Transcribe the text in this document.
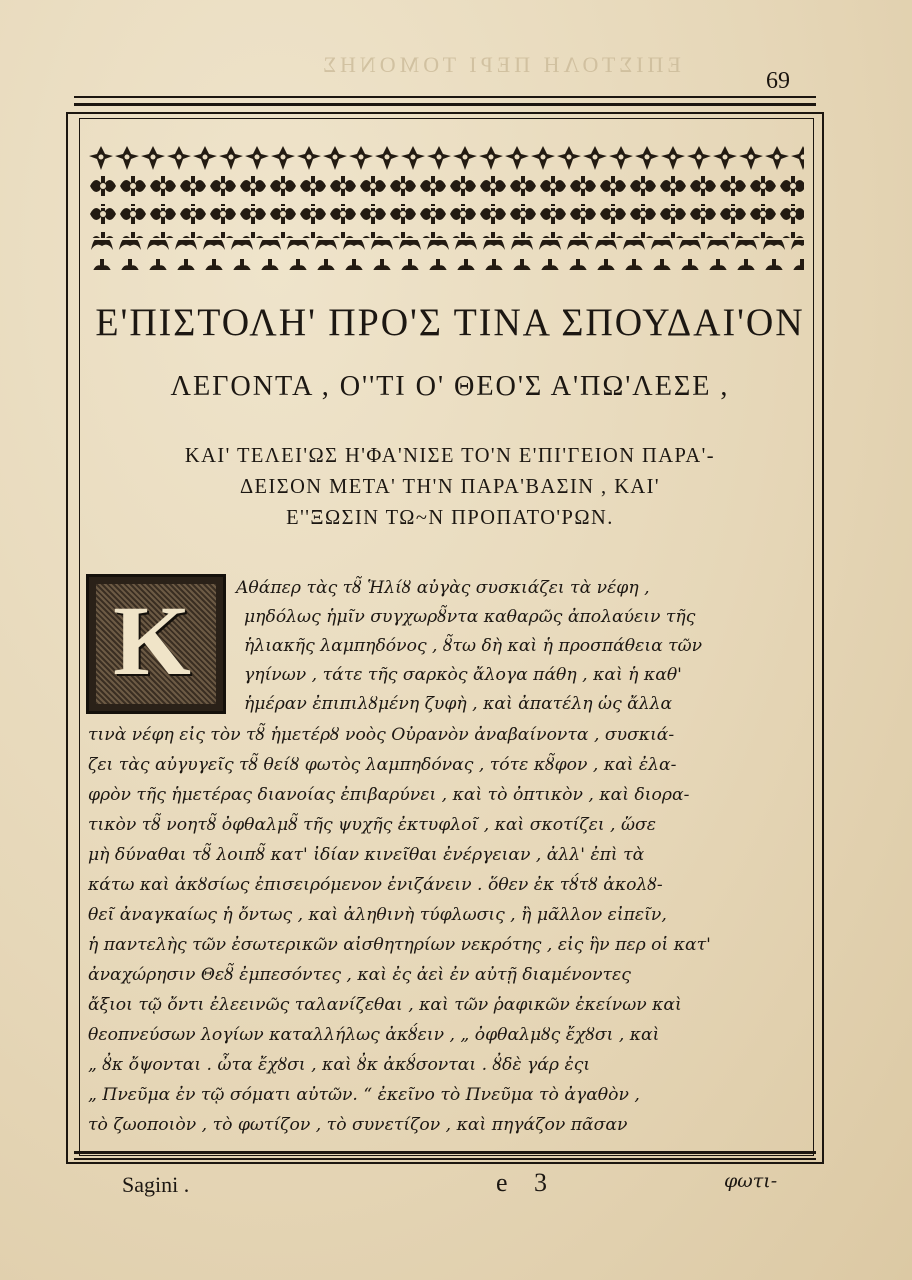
ΕΠΙΣΤΟΛΗ ΠΕΡΙ ΤΟΜΟΝΗΣ
69
Ε'ΠΙΣΤΟΛΗ' ΠΡΟ'Σ ΤΙΝΑ ΣΠΟΥΔΑΙ'ΟΝ
ΛΕΓΟΝΤΑ , Ο''ΤΙ Ο' ΘΕΟ'Σ Α'ΠΩ'ΛΕΣΕ ,
ΚΑΙ' ΤΕΛΕΙ'ΩΣ Η'ΦΑ'ΝΙΣΕ ΤΟ'Ν Ε'ΠΙ'ΓΕΙΟΝ ΠΑΡΑ'-
ΔΕΙΣΟΝ ΜΕΤΑ' ΤΗ'Ν ΠΑΡΑ'ΒΑΣΙΝ , ΚΑΙ'
Ε''ΞΩΣΙΝ ΤΩ~Ν ΠΡΟΠΑΤΟ'ΡΩΝ.
K	Αθάπερ τὰς τȣ̃ Ἡλίȣ αὐγὰς συσκιάζει τὰ νέφη ,
μηδόλως ἡμῖν συγχωρȣ̃ντα καθαρῶς ἀπολαύειν τῆς
ἡλιακῆς λαμπηδόνος , ȣ̃τω δὴ καὶ ἡ προσπάθεια τῶν
γηίνων , τάτε τῆς σαρκὸς ἄλογα πάθη , καὶ ἡ καθ'
ἡμέραν ἐπιπιλȣμένη ζυφὴ , καὶ ἀπατέλη ὡς ἄλλα
τινὰ νέφη εἰς τὸν τȣ̃ ἡμετέρȣ νοὸς Οὐρανὸν ἀναβαίνοντα , συσκιά-
ζει τὰς αὐγυγεῖς τȣ̃ θείȣ φωτὸς λαμπηδόνας , τότε κȣ̃φον , καὶ ἐλα-
φρὸν τῆς ἡμετέρας διανοίας ἐπιβαρύνει , καὶ τὸ ὀπτικὸν , καὶ διορα-
τικὸν τȣ̃ νοητȣ̃ ὀφθαλμȣ̃ τῆς ψυχῆς ἐκτυφλοῖ , καὶ σκοτίζει , ὥσε
μὴ δύναθαι τȣ̃ λοιπȣ̃ κατ' ἰδίαν κινεῖθαι ἐνέργειαν , ἀλλ' ἐπὶ τὰ
κάτω καὶ ἀκȣσίως ἐπισειρόμενον ἐνιζάνειν . ὅθεν ἐκ τȣ́τȣ ἀκολȣ-
θεῖ ἀναγκαίως ἡ ὄντως , καὶ ἀληθινὴ τύφλωσις , ἢ μᾶλλον εἰπεῖν,
ἡ παντελὴς τῶν ἐσωτερικῶν αἰσθητηρίων νεκρότης , εἰς ἣν περ οἱ κατ'
ἀναχώρησιν Θεȣ̃ ἐμπεσόντες , καὶ ἐς ἀεὶ ἐν αὐτῇ διαμένοντες
ἄξιοι τῷ ὄντι ἐλεεινῶς ταλανίζεθαι , καὶ τῶν ῥαφικῶν ἐκείνων καὶ
θεοπνεύσων λογίων καταλλήλως ἀκȣ́ειν , „ ὀφθαλμȣς ἔχȣσι , καὶ
„ ȣ̓κ ὄψονται . ὦτα ἔχȣσι , καὶ ȣ̓κ ἀκȣ́σονται . ȣ̓δὲ γάρ ἐςι
„ Πνεῦμα ἐν τῷ σόματι αὐτῶν. “ ἐκεῖνο τὸ Πνεῦμα τὸ ἀγαθὸν ,
τὸ ζωοποιὸν , τὸ φωτίζον , τὸ συνετίζον , καὶ πηγάζον πᾶσαν
Sagini .	e 3	φωτι-
